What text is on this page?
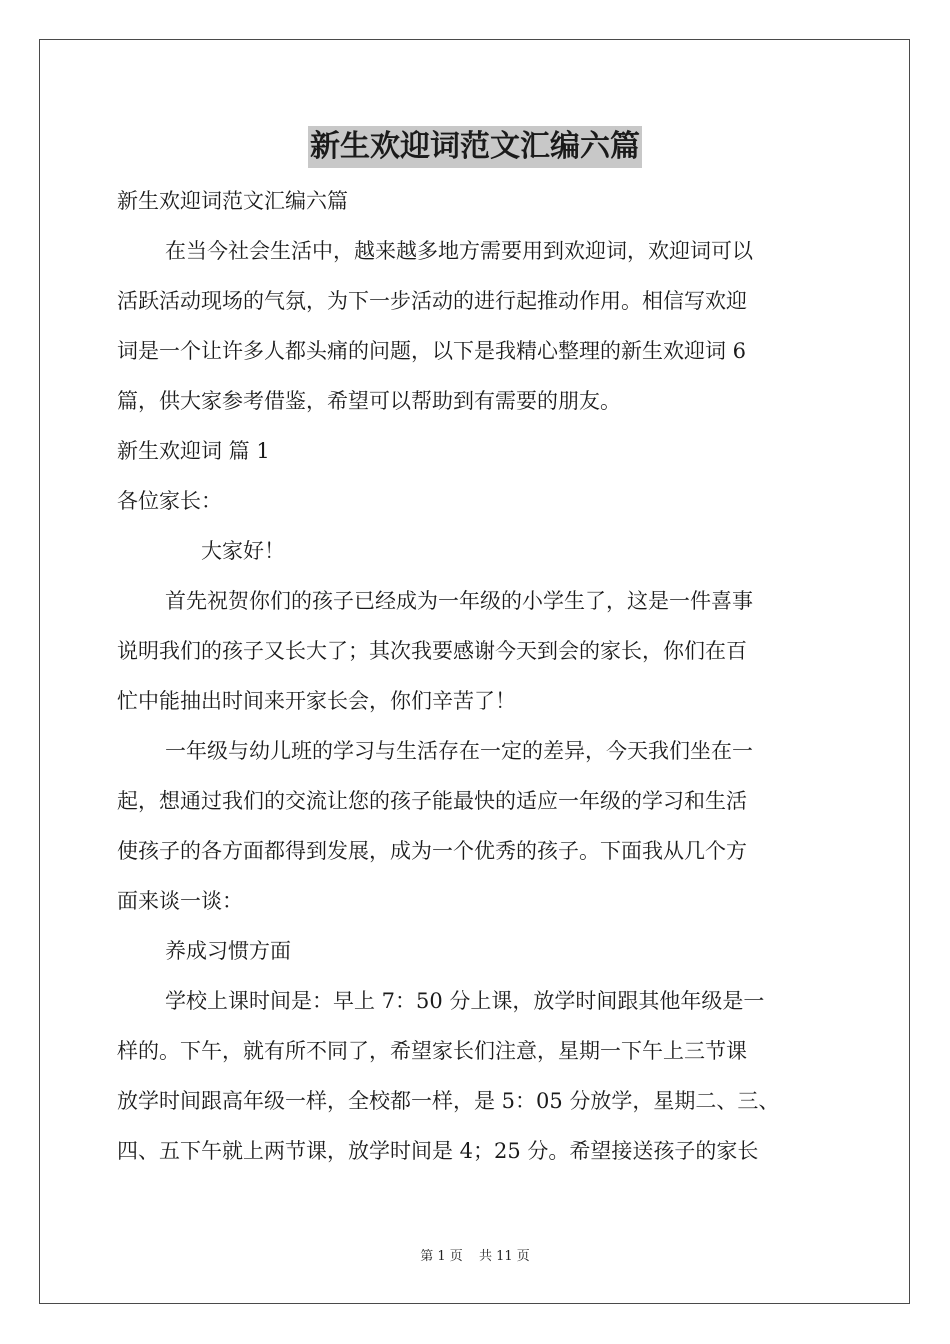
新生欢迎词范文汇编六篇
新生欢迎词范文汇编六篇
在当今社会生活中，越来越多地方需要用到欢迎词，欢迎词可以
活跃活动现场的气氛，为下一步活动的进行起推动作用。相信写欢迎
词是一个让许多人都头痛的问题，以下是我精心整理的新生欢迎词 6
篇，供大家参考借鉴，希望可以帮助到有需要的朋友。
新生欢迎词 篇 1
各位家长：
大家好！
首先祝贺你们的孩子已经成为一年级的小学生了，这是一件喜事
说明我们的孩子又长大了；其次我要感谢今天到会的家长，你们在百
忙中能抽出时间来开家长会，你们辛苦了！
一年级与幼儿班的学习与生活存在一定的差异，今天我们坐在一
起，想通过我们的交流让您的孩子能最快的适应一年级的学习和生活
使孩子的各方面都得到发展，成为一个优秀的孩子。下面我从几个方
面来谈一谈：
养成习惯方面
学校上课时间是：早上 7：50 分上课，放学时间跟其他年级是一
样的。下午，就有所不同了，希望家长们注意，星期一下午上三节课
放学时间跟高年级一样，全校都一样，是 5：05 分放学，星期二、三、
四、五下午就上两节课，放学时间是 4；25 分。希望接送孩子的家长
第 1 页 共 11 页
